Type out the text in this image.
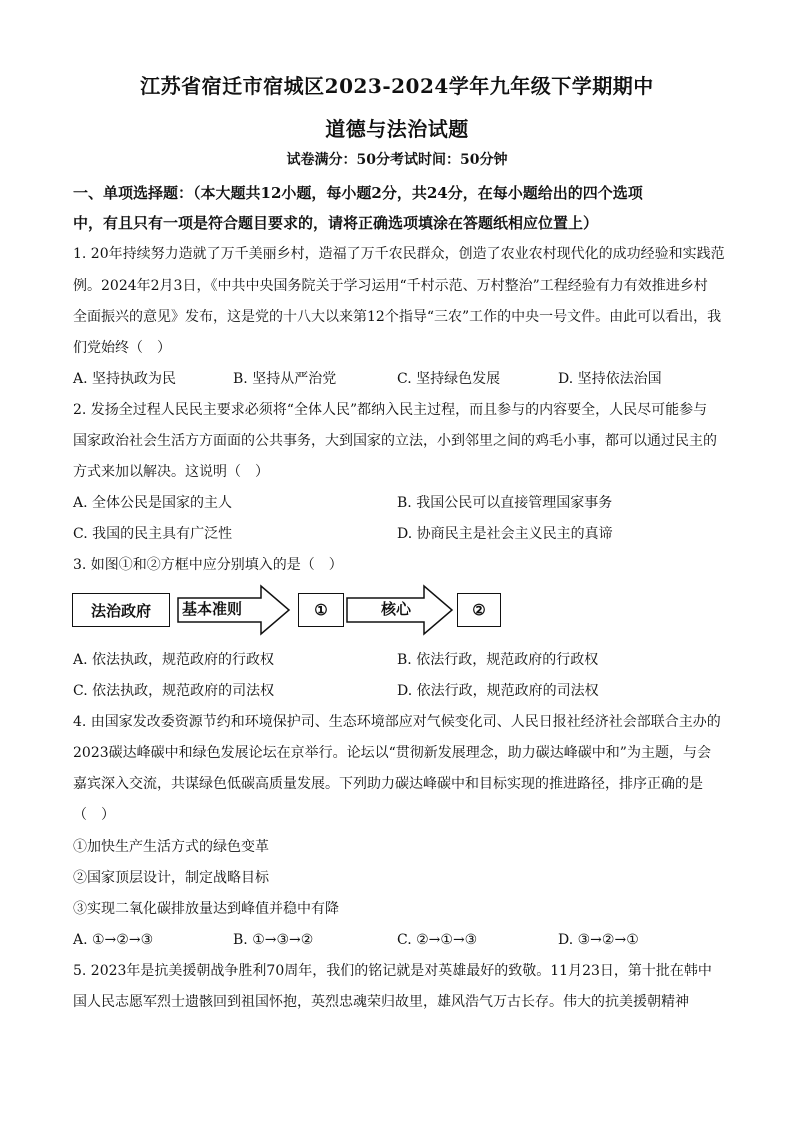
江苏省宿迁市宿城区2023-2024学年九年级下学期期中
道德与法治试题
试卷满分：50分考试时间：50分钟
一、单项选择题：（本大题共12小题，每小题2分，共24分，在每小题给出的四个选项
中，有且只有一项是符合题目要求的，请将正确选项填涂在答题纸相应位置上）
1. 20年持续努力造就了万千美丽乡村，造福了万千农民群众，创造了农业农村现代化的成功经验和实践范
例。2024年2月3日，《中共中央国务院关于学习运用“千村示范、万村整治”工程经验有力有效推进乡村
全面振兴的意见》发布，这是党的十八大以来第12个指导“三农”工作的中央一号文件。由此可以看出，我
们党始终（　）
A. 坚持执政为民	B. 坚持从严治党	C. 坚持绿色发展	D. 坚持依法治国
2. 发扬全过程人民民主要求必须将“全体人民”都纳入民主过程，而且参与的内容要全，人民尽可能参与
国家政治社会生活方方面面的公共事务，大到国家的立法，小到邻里之间的鸡毛小事，都可以通过民主的
方式来加以解决。这说明（　）
A. 全体公民是国家的主人	B. 我国公民可以直接管理国家事务
C. 我国的民主具有广泛性	D. 协商民主是社会主义民主的真谛
3. 如图①和②方框中应分别填入的是（　）
法治政府	基本准则	①	核心	②
A. 依法执政，规范政府的行政权	B. 依法行政，规范政府的行政权
C. 依法执政，规范政府的司法权	D. 依法行政，规范政府的司法权
4. 由国家发改委资源节约和环境保护司、生态环境部应对气候变化司、人民日报社经济社会部联合主办的
2023碳达峰碳中和绿色发展论坛在京举行。论坛以“贯彻新发展理念，助力碳达峰碳中和”为主题，与会
嘉宾深入交流，共谋绿色低碳高质量发展。下列助力碳达峰碳中和目标实现的推进路径，排序正确的是
（　）
①加快生产生活方式的绿色变革
②国家顶层设计，制定战略目标
③实现二氧化碳排放量达到峰值并稳中有降
A. ①→②→③	B. ①→③→②	C. ②→①→③	D. ③→②→①
5. 2023年是抗美援朝战争胜利70周年，我们的铭记就是对英雄最好的致敬。11月23日，第十批在韩中
国人民志愿军烈士遗骸回到祖国怀抱，英烈忠魂荣归故里，雄风浩气万古长存。伟大的抗美援朝精神
